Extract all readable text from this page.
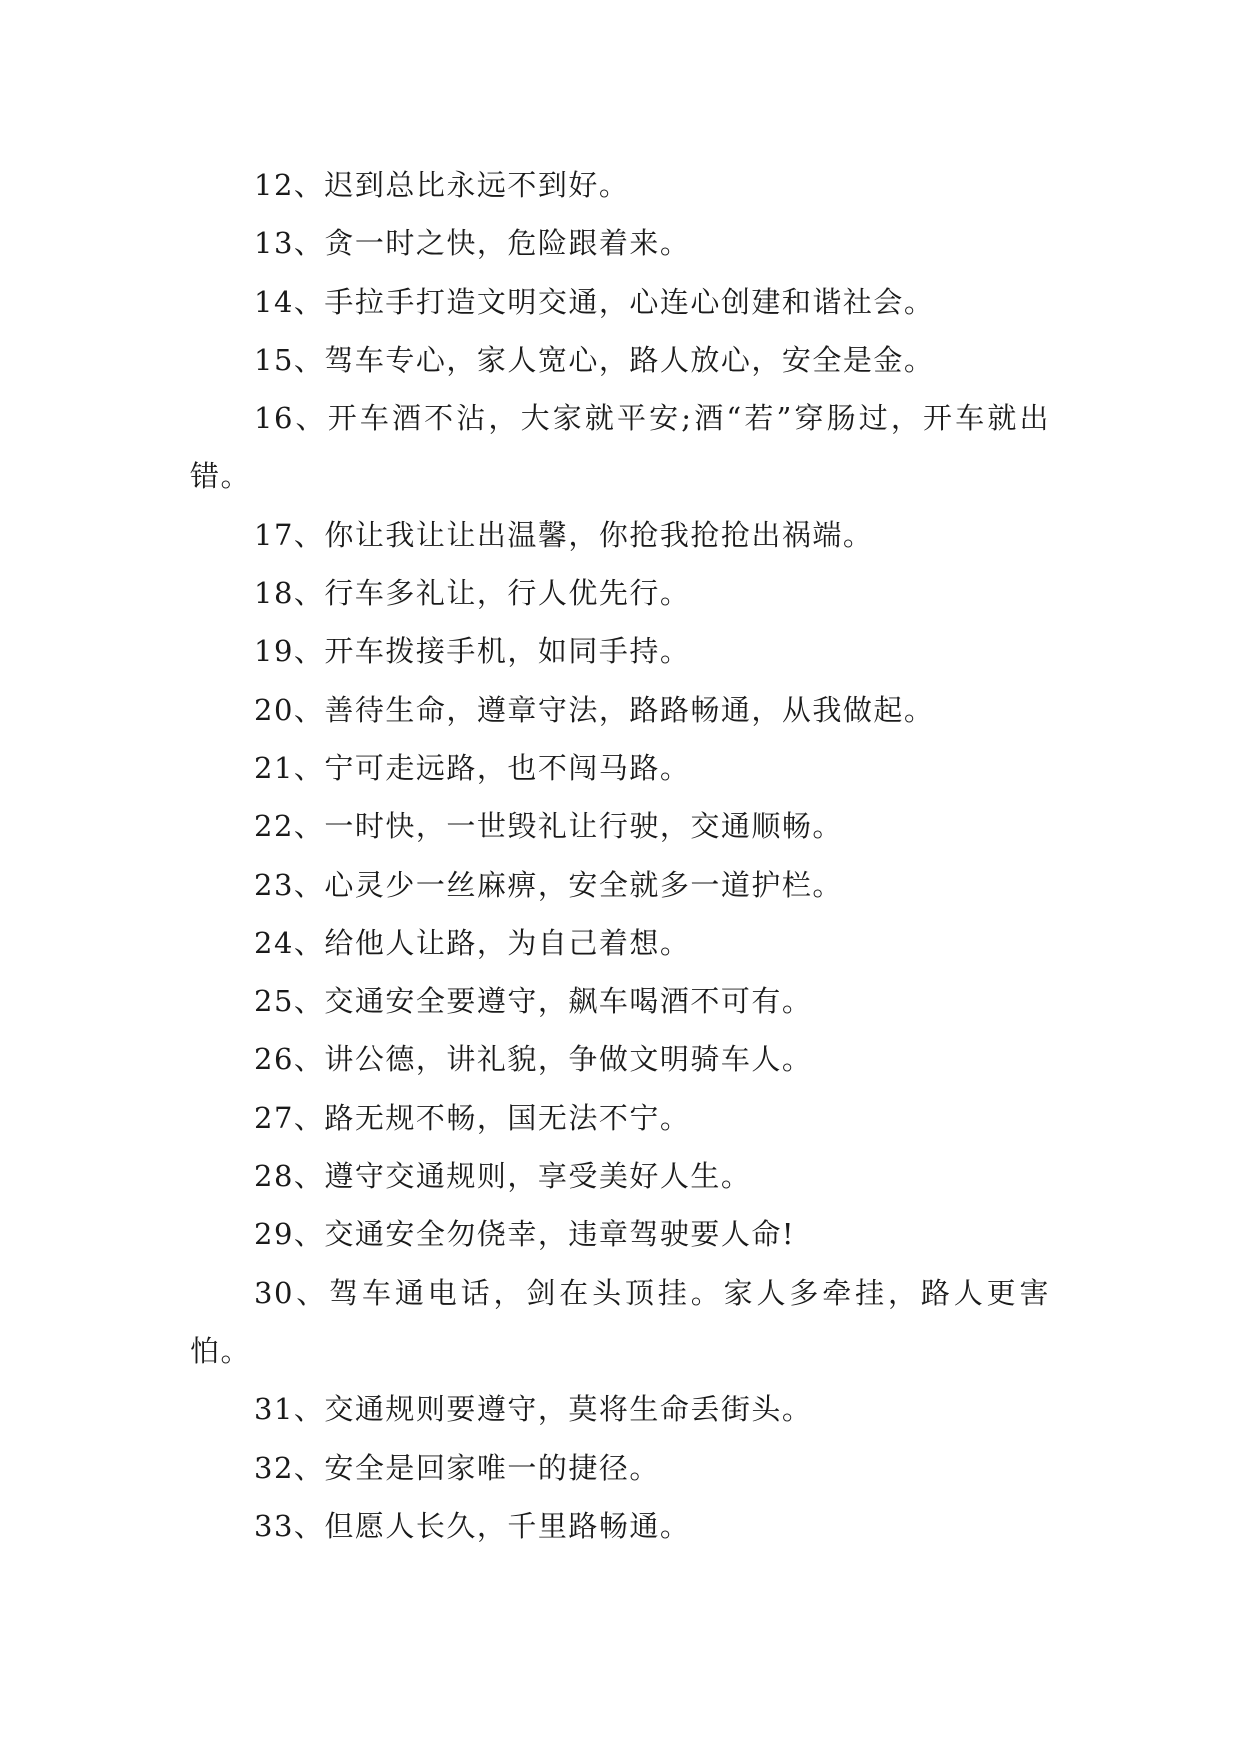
12、迟到总比永远不到好。

13、贪一时之快，危险跟着来。

14、手拉手打造文明交通，心连心创建和谐社会。

15、驾车专心，家人宽心，路人放心，安全是金。

16、开车酒不沾，大家就平安;酒“若”穿肠过，开车就出错。

17、你让我让让出温馨，你抢我抢抢出祸端。

18、行车多礼让，行人优先行。

19、开车拨接手机，如同手持。

20、善待生命，遵章守法，路路畅通，从我做起。

21、宁可走远路，也不闯马路。

22、一时快，一世毁礼让行驶，交通顺畅。

23、心灵少一丝麻痹，安全就多一道护栏。

24、给他人让路，为自己着想。

25、交通安全要遵守，飙车喝酒不可有。

26、讲公德，讲礼貌，争做文明骑车人。

27、路无规不畅，国无法不宁。

28、遵守交通规则，享受美好人生。

29、交通安全勿侥幸，违章驾驶要人命!

30、驾车通电话，剑在头顶挂。家人多牵挂，路人更害怕。

31、交通规则要遵守，莫将生命丢街头。

32、安全是回家唯一的捷径。

33、但愿人长久，千里路畅通。
